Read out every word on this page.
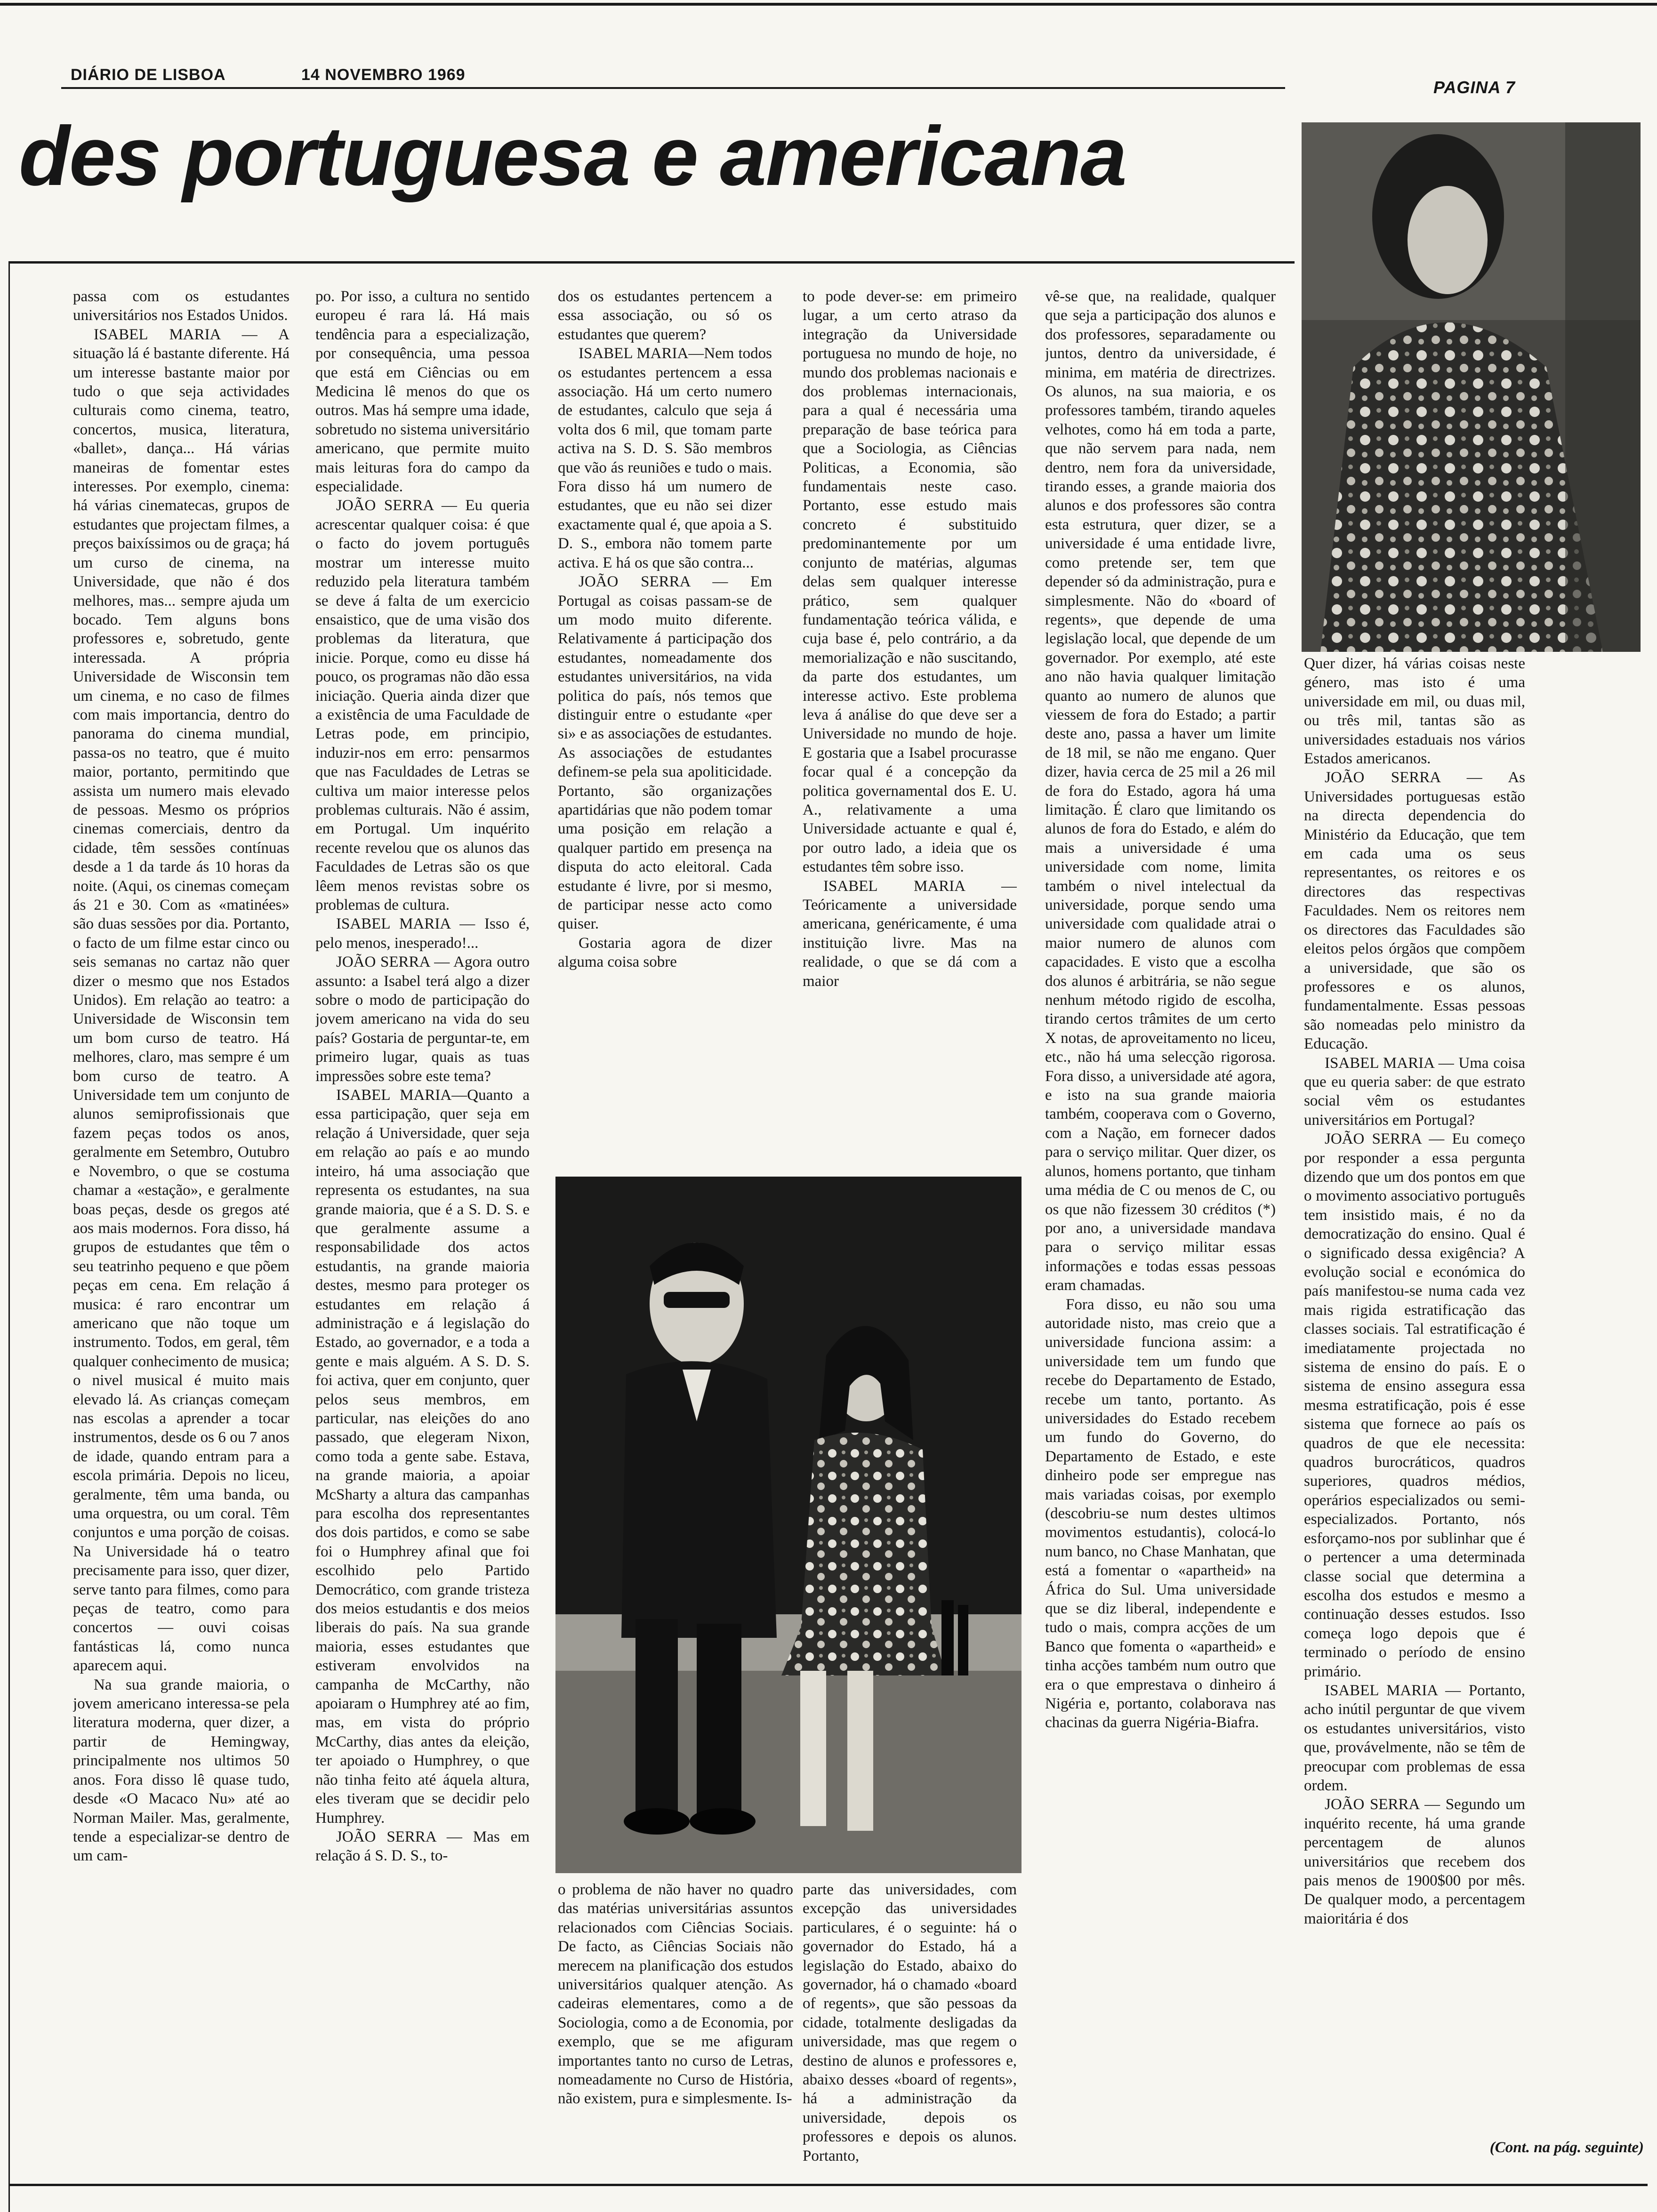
DIÁRIO DE LISBOA	14 NOVEMBRO 1969
PAGINA 7
des portuguesa e americana

passa com os estudantes universitários nos Estados Unidos.

ISABEL MARIA — A situação lá é bastante diferente. Há um interesse bastante maior por tudo o que seja actividades culturais como cinema, teatro, concertos, musica, literatura, «ballet», dança... Há várias maneiras de fomentar estes interesses. Por exemplo, cinema: há várias cinematecas, grupos de estudantes que projectam filmes, a preços baixíssimos ou de graça; há um curso de cinema, na Universidade, que não é dos melhores, mas... sempre ajuda um bocado. Tem alguns bons professores e, sobretudo, gente interessada. A própria Universidade de Wisconsin tem um cinema, e no caso de filmes com mais importancia, dentro do panorama do cinema mundial, passa-os no teatro, que é muito maior, portanto, permitindo que assista um numero mais elevado de pessoas. Mesmo os próprios cinemas comerciais, dentro da cidade, têm sessões contínuas desde a 1 da tarde ás 10 horas da noite. (Aqui, os cinemas começam ás 21 e 30. Com as «matinées» são duas sessões por dia. Portanto, o facto de um filme estar cinco ou seis semanas no cartaz não quer dizer o mesmo que nos Estados Unidos). Em relação ao teatro: a Universidade de Wisconsin tem um bom curso de teatro. Há melhores, claro, mas sempre é um bom curso de teatro. A Universidade tem um conjunto de alunos semiprofissionais que fazem peças todos os anos, geralmente em Setembro, Outubro e Novembro, o que se costuma chamar a «estação», e geralmente boas peças, desde os gregos até aos mais modernos. Fora disso, há grupos de estudantes que têm o seu teatrinho pequeno e que põem peças em cena. Em relação á musica: é raro encontrar um americano que não toque um instrumento. Todos, em geral, têm qualquer conhecimento de musica; o nivel musical é muito mais elevado lá. As crianças começam nas escolas a aprender a tocar instrumentos, desde os 6 ou 7 anos de idade, quando entram para a escola primária. Depois no liceu, geralmente, têm uma banda, ou uma orquestra, ou um coral. Têm conjuntos e uma porção de coisas. Na Universidade há o teatro precisamente para isso, quer dizer, serve tanto para filmes, como para peças de teatro, como para concertos — ouvi coisas fantásticas lá, como nunca aparecem aqui.

Na sua grande maioria, o jovem americano interessa-se pela literatura moderna, quer dizer, a partir de Hemingway, principalmente nos ultimos 50 anos. Fora disso lê quase tudo, desde «O Macaco Nu» até ao Norman Mailer. Mas, geralmente, tende a especializar-se dentro de um cam-

po. Por isso, a cultura no sentido europeu é rara lá. Há mais tendência para a especialização, por consequência, uma pessoa que está em Ciências ou em Medicina lê menos do que os outros. Mas há sempre uma idade, sobretudo no sistema universitário americano, que permite muito mais leituras fora do campo da especialidade.

JOÃO SERRA — Eu queria acrescentar qualquer coisa: é que o facto do jovem português mostrar um interesse muito reduzido pela literatura também se deve á falta de um exercicio ensaistico, que de uma visão dos problemas da literatura, que inicie. Porque, como eu disse há pouco, os programas não dão essa iniciação. Queria ainda dizer que a existência de uma Faculdade de Letras pode, em principio, induzir-nos em erro: pensarmos que nas Faculdades de Letras se cultiva um maior interesse pelos problemas culturais. Não é assim, em Portugal. Um inquérito recente revelou que os alunos das Faculdades de Letras são os que lêem menos revistas sobre os problemas de cultura.

ISABEL MARIA — Isso é, pelo menos, inesperado!...

JOÃO SERRA — Agora outro assunto: a Isabel terá algo a dizer sobre o modo de participação do jovem americano na vida do seu país? Gostaria de perguntar-te, em primeiro lugar, quais as tuas impressões sobre este tema?

ISABEL MARIA—Quanto a essa participação, quer seja em relação á Universidade, quer seja em relação ao país e ao mundo inteiro, há uma associação que representa os estudantes, na sua grande maioria, que é a S. D. S. e que geralmente assume a responsabilidade dos actos estudantis, na grande maioria destes, mesmo para proteger os estudantes em relação á administração e á legislação do Estado, ao governador, e a toda a gente e mais alguém. A S. D. S. foi activa, quer em conjunto, quer pelos seus membros, em particular, nas eleições do ano passado, que elegeram Nixon, como toda a gente sabe. Estava, na grande maioria, a apoiar McSharty a altura das campanhas para escolha dos representantes dos dois partidos, e como se sabe foi o Humphrey afinal que foi escolhido pelo Partido Democrático, com grande tristeza dos meios estudantis e dos meios liberais do país. Na sua grande maioria, esses estudantes que estiveram envolvidos na campanha de McCarthy, não apoiaram o Humphrey até ao fim, mas, em vista do próprio McCarthy, dias antes da eleição, ter apoiado o Humphrey, o que não tinha feito até áquela altura, eles tiveram que se decidir pelo Humphrey.

JOÃO SERRA — Mas em relação á S. D. S., to-

dos os estudantes pertencem a essa associação, ou só os estudantes que querem?

ISABEL MARIA—Nem todos os estudantes pertencem a essa associação. Há um certo numero de estudantes, calculo que seja á volta dos 6 mil, que tomam parte activa na S. D. S. São membros que vão ás reuniões e tudo o mais. Fora disso há um numero de estudantes, que eu não sei dizer exactamente qual é, que apoia a S. D. S., embora não tomem parte activa. E há os que são contra...

JOÃO SERRA — Em Portugal as coisas passam-se de um modo muito diferente. Relativamente á participação dos estudantes, nomeadamente dos estudantes universitários, na vida politica do país, nós temos que distinguir entre o estudante «per si» e as associações de estudantes. As associações de estudantes definem-se pela sua apoliticidade. Portanto, são organizações apartidárias que não podem tomar uma posição em relação a qualquer partido em presença na disputa do acto eleitoral. Cada estudante é livre, por si mesmo, de participar nesse acto como quiser.

Gostaria agora de dizer alguma coisa sobre

to pode dever-se: em primeiro lugar, a um certo atraso da integração da Universidade portuguesa no mundo de hoje, no mundo dos problemas nacionais e dos problemas internacionais, para a qual é necessária uma preparação de base teórica para que a Sociologia, as Ciências Politicas, a Economia, são fundamentais neste caso. Portanto, esse estudo mais concreto é substituido predominantemente por um conjunto de matérias, algumas delas sem qualquer interesse prático, sem qualquer fundamentação teórica válida, e cuja base é, pelo contrário, a da memorialização e não suscitando, da parte dos estudantes, um interesse activo. Este problema leva á análise do que deve ser a Universidade no mundo de hoje. E gostaria que a Isabel procurasse focar qual é a concepção da politica governamental dos E. U. A., relativamente a uma Universidade actuante e qual é, por outro lado, a ideia que os estudantes têm sobre isso.

ISABEL MARIA — Teóricamente a universidade americana, genéricamente, é uma instituição livre. Mas na realidade, o que se dá com a maior

vê-se que, na realidade, qualquer que seja a participação dos alunos e dos professores, separadamente ou juntos, dentro da universidade, é minima, em matéria de directrizes. Os alunos, na sua maioria, e os professores também, tirando aqueles velhotes, como há em toda a parte, que não servem para nada, nem dentro, nem fora da universidade, tirando esses, a grande maioria dos alunos e dos professores são contra esta estrutura, quer dizer, se a universidade é uma entidade livre, como pretende ser, tem que depender só da administração, pura e simplesmente. Não do «board of regents», que depende de uma legislação local, que depende de um governador. Por exemplo, até este ano não havia qualquer limitação quanto ao numero de alunos que viessem de fora do Estado; a partir deste ano, passa a haver um limite de 18 mil, se não me engano. Quer dizer, havia cerca de 25 mil a 26 mil de fora do Estado, agora há uma limitação. É claro que limitando os alunos de fora do Estado, e além do mais a universidade é uma universidade com nome, limita também o nivel intelectual da universidade, porque sendo uma universidade com qualidade atrai o maior numero de alunos com capacidades. E visto que a escolha dos alunos é arbitrária, se não segue nenhum método rigido de escolha, tirando certos trâmites de um certo X notas, de aproveitamento no liceu, etc., não há uma selecção rigorosa. Fora disso, a universidade até agora, e isto na sua grande maioria também, cooperava com o Governo, com a Nação, em fornecer dados para o serviço militar. Quer dizer, os alunos, homens portanto, que tinham uma média de C ou menos de C, ou os que não fizessem 30 créditos (*) por ano, a universidade mandava para o serviço militar essas informações e todas essas pessoas eram chamadas.

Fora disso, eu não sou uma autoridade nisto, mas creio que a universidade funciona assim: a universidade tem um fundo que recebe do Departamento de Estado, recebe um tanto, portanto. As universidades do Estado recebem um fundo do Governo, do Departamento de Estado, e este dinheiro pode ser empregue nas mais variadas coisas, por exemplo (descobriu-se num destes ultimos movimentos estudantis), colocá-lo num banco, no Chase Manhatan, que está a fomentar o «apartheid» na África do Sul. Uma universidade que se diz liberal, independente e tudo o mais, compra acções de um Banco que fomenta o «apartheid» e tinha acções também num outro que era o que emprestava o dinheiro á Nigéria e, portanto, colaborava nas chacinas da guerra Nigéria-Biafra.

Quer dizer, há várias coisas neste género, mas isto é uma universidade em mil, ou duas mil, ou três mil, tantas são as universidades estaduais nos vários Estados americanos.

JOÃO SERRA — As Universidades portuguesas estão na directa dependencia do Ministério da Educação, que tem em cada uma os seus representantes, os reitores e os directores das respectivas Faculdades. Nem os reitores nem os directores das Faculdades são eleitos pelos órgãos que compõem a universidade, que são os professores e os alunos, fundamentalmente. Essas pessoas são nomeadas pelo ministro da Educação.

ISABEL MARIA — Uma coisa que eu queria saber: de que estrato social vêm os estudantes universitários em Portugal?

JOÃO SERRA — Eu começo por responder a essa pergunta dizendo que um dos pontos em que o movimento associativo português tem insistido mais, é no da democratização do ensino. Qual é o significado dessa exigência? A evolução social e económica do país manifestou-se numa cada vez mais rigida estratificação das classes sociais. Tal estratificação é imediatamente projectada no sistema de ensino do país. E o sistema de ensino assegura essa mesma estratificação, pois é esse sistema que fornece ao país os quadros de que ele necessita: quadros burocráticos, quadros superiores, quadros médios, operários especializados ou semi-especializados. Portanto, nós esforçamo-nos por sublinhar que é o pertencer a uma determinada classe social que determina a escolha dos estudos e mesmo a continuação desses estudos. Isso começa logo depois que é terminado o período de ensino primário.

ISABEL MARIA — Portanto, acho inútil perguntar de que vivem os estudantes universitários, visto que, provávelmente, não se têm de preocupar com problemas de essa ordem.

JOÃO SERRA — Segundo um inquérito recente, há uma grande percentagem de alunos universitários que recebem dos pais menos de 1900$00 por mês. De qualquer modo, a percentagem maioritária é dos

o problema de não haver no quadro das matérias universitárias assuntos relacionados com Ciências Sociais. De facto, as Ciências Sociais não merecem na planificação dos estudos universitários qualquer atenção. As cadeiras elementares, como a de Sociologia, como a de Economia, por exemplo, que se me afiguram importantes tanto no curso de Letras, nomeadamente no Curso de História, não existem, pura e simplesmente. Is-

parte das universidades, com excepção das universidades particulares, é o seguinte: há o governador do Estado, há a legislação do Estado, abaixo do governador, há o chamado «board of regents», que são pessoas da cidade, totalmente desligadas da universidade, mas que regem o destino de alunos e professores e, abaixo desses «board of regents», há a administração da universidade, depois os professores e depois os alunos. Portanto,	(Cont. na pág. seguinte)
